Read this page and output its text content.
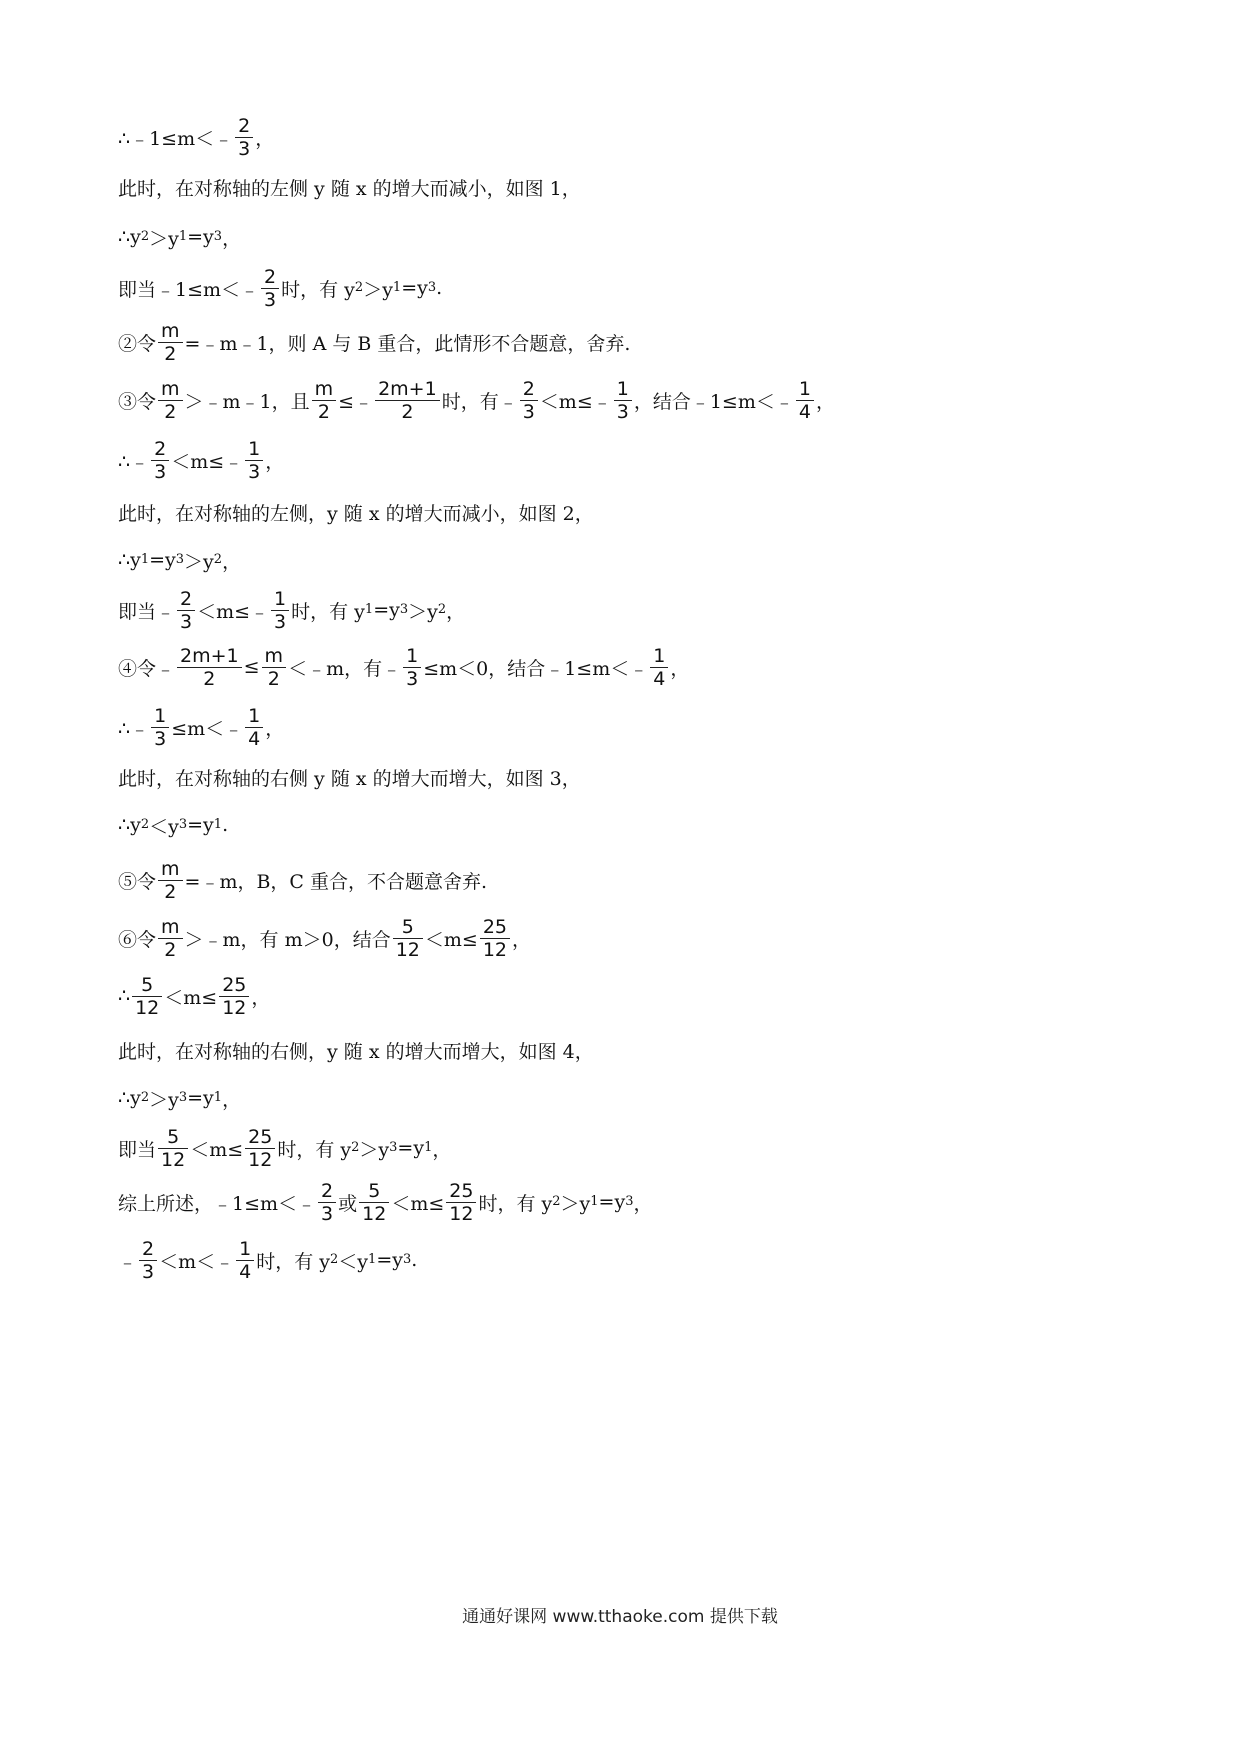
∴﹣1≤m＜﹣ $\frac{2}{3}$ ，
此时，在对称轴的左侧 y 随 x 的增大而减小，如图 1，
∴y 2 ＞y 1 =y 3 ，
即当﹣1≤m＜﹣ $\frac{2}{3}$ 时，有 y 2 ＞y 1 =y 3 .
②令 $\frac{m}{2}$ =﹣m﹣1，则 A 与 B 重合，此情形不合题意，舍弃.
③令 $\frac{m}{2}$ ＞﹣m﹣1，且 $\frac{m}{2}$ ≤﹣ $\frac{2m+1}{2}$ 时，有﹣ $\frac{2}{3}$ ＜m≤﹣ $\frac{1}{3}$ ，结合﹣1≤m＜﹣ $\frac{1}{4}$ ，
∴﹣ $\frac{2}{3}$ ＜m≤﹣ $\frac{1}{3}$ ，
此时，在对称轴的左侧，y 随 x 的增大而减小，如图 2，
∴y 1 =y 3 ＞y 2 ，
即当﹣ $\frac{2}{3}$ ＜m≤﹣ $\frac{1}{3}$ 时，有 y 1 =y 3 ＞y 2 ，
④令﹣ $\frac{2m+1}{2} \le \frac{m}{2}$ ＜﹣m，有﹣ $\frac{1}{3} \le m<0$，结合﹣1≤m＜﹣ $\frac{1}{4}$ ，
∴﹣ $\frac{1}{3}$ ≤m＜﹣ $\frac{1}{4}$ ，
此时，在对称轴的右侧 y 随 x 的增大而增大，如图 3，
∴y 2 ＜y 3 =y 1 .
⑤令 $\frac{m}{2}$ =﹣m，B，C 重合，不合题意舍弃.
⑥令 $\frac{m}{2}$ ＞﹣m，有 m＞0，结合 $\frac{5}{12} <m\le \frac{25}{12}$ ，
∴ $\frac{5}{12} <m\le \frac{25}{12}$ ，
此时，在对称轴的右侧，y 随 x 的增大而增大，如图 4，
∴y 2 ＞y 3 =y 1 ，
即当 $\frac{5}{12} <m\le \frac{25}{12}$ 时，有 y 2 ＞y 3 =y 1 ，
综上所述，﹣1≤m＜﹣ $\frac{2}{3}$ 或 $\frac{5}{12} <m\le \frac{25}{12}$ 时，有 y 2 ＞y 1 =y 3 ，
﹣ $\frac{2}{3}$ ＜m＜﹣ $\frac{1}{4}$ 时，有 y 2 ＜y 1 =y 3 .
通通好课网 www.tthaoke.com 提供下载
